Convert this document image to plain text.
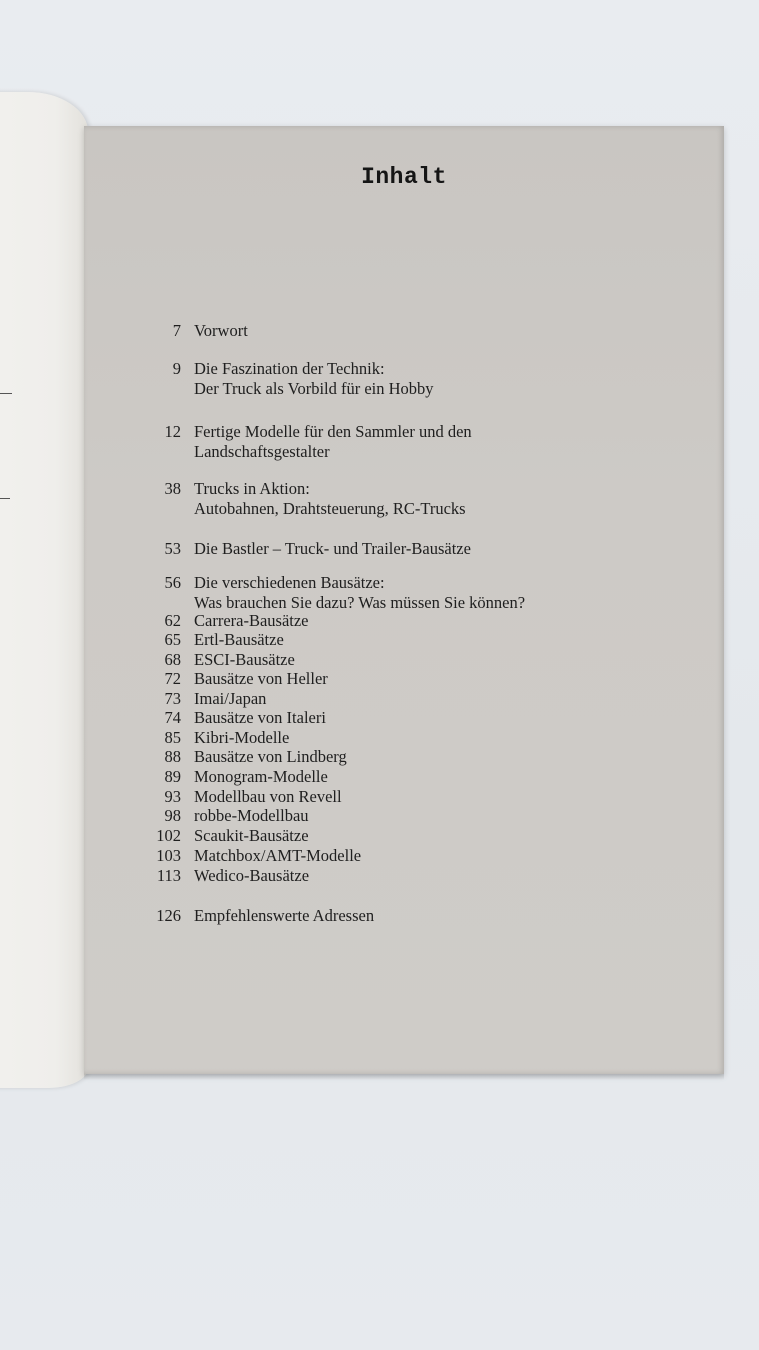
Inhalt
7 Vorwort
9 Die Faszination der Technik:
Der Truck als Vorbild für ein Hobby
12 Fertige Modelle für den Sammler und den
Landschaftsgestalter
38 Trucks in Aktion:
Autobahnen, Drahtsteuerung, RC-Trucks
53 Die Bastler – Truck- und Trailer-Bausätze
56 Die verschiedenen Bausätze:
Was brauchen Sie dazu? Was müssen Sie können?
62 Carrera-Bausätze
65 Ertl-Bausätze
68 ESCI-Bausätze
72 Bausätze von Heller
73 Imai/Japan
74 Bausätze von Italeri
85 Kibri-Modelle
88 Bausätze von Lindberg
89 Monogram-Modelle
93 Modellbau von Revell
98 robbe-Modellbau
102 Scaukit-Bausätze
103 Matchbox/AMT-Modelle
113 Wedico-Bausätze
126 Empfehlenswerte Adressen
